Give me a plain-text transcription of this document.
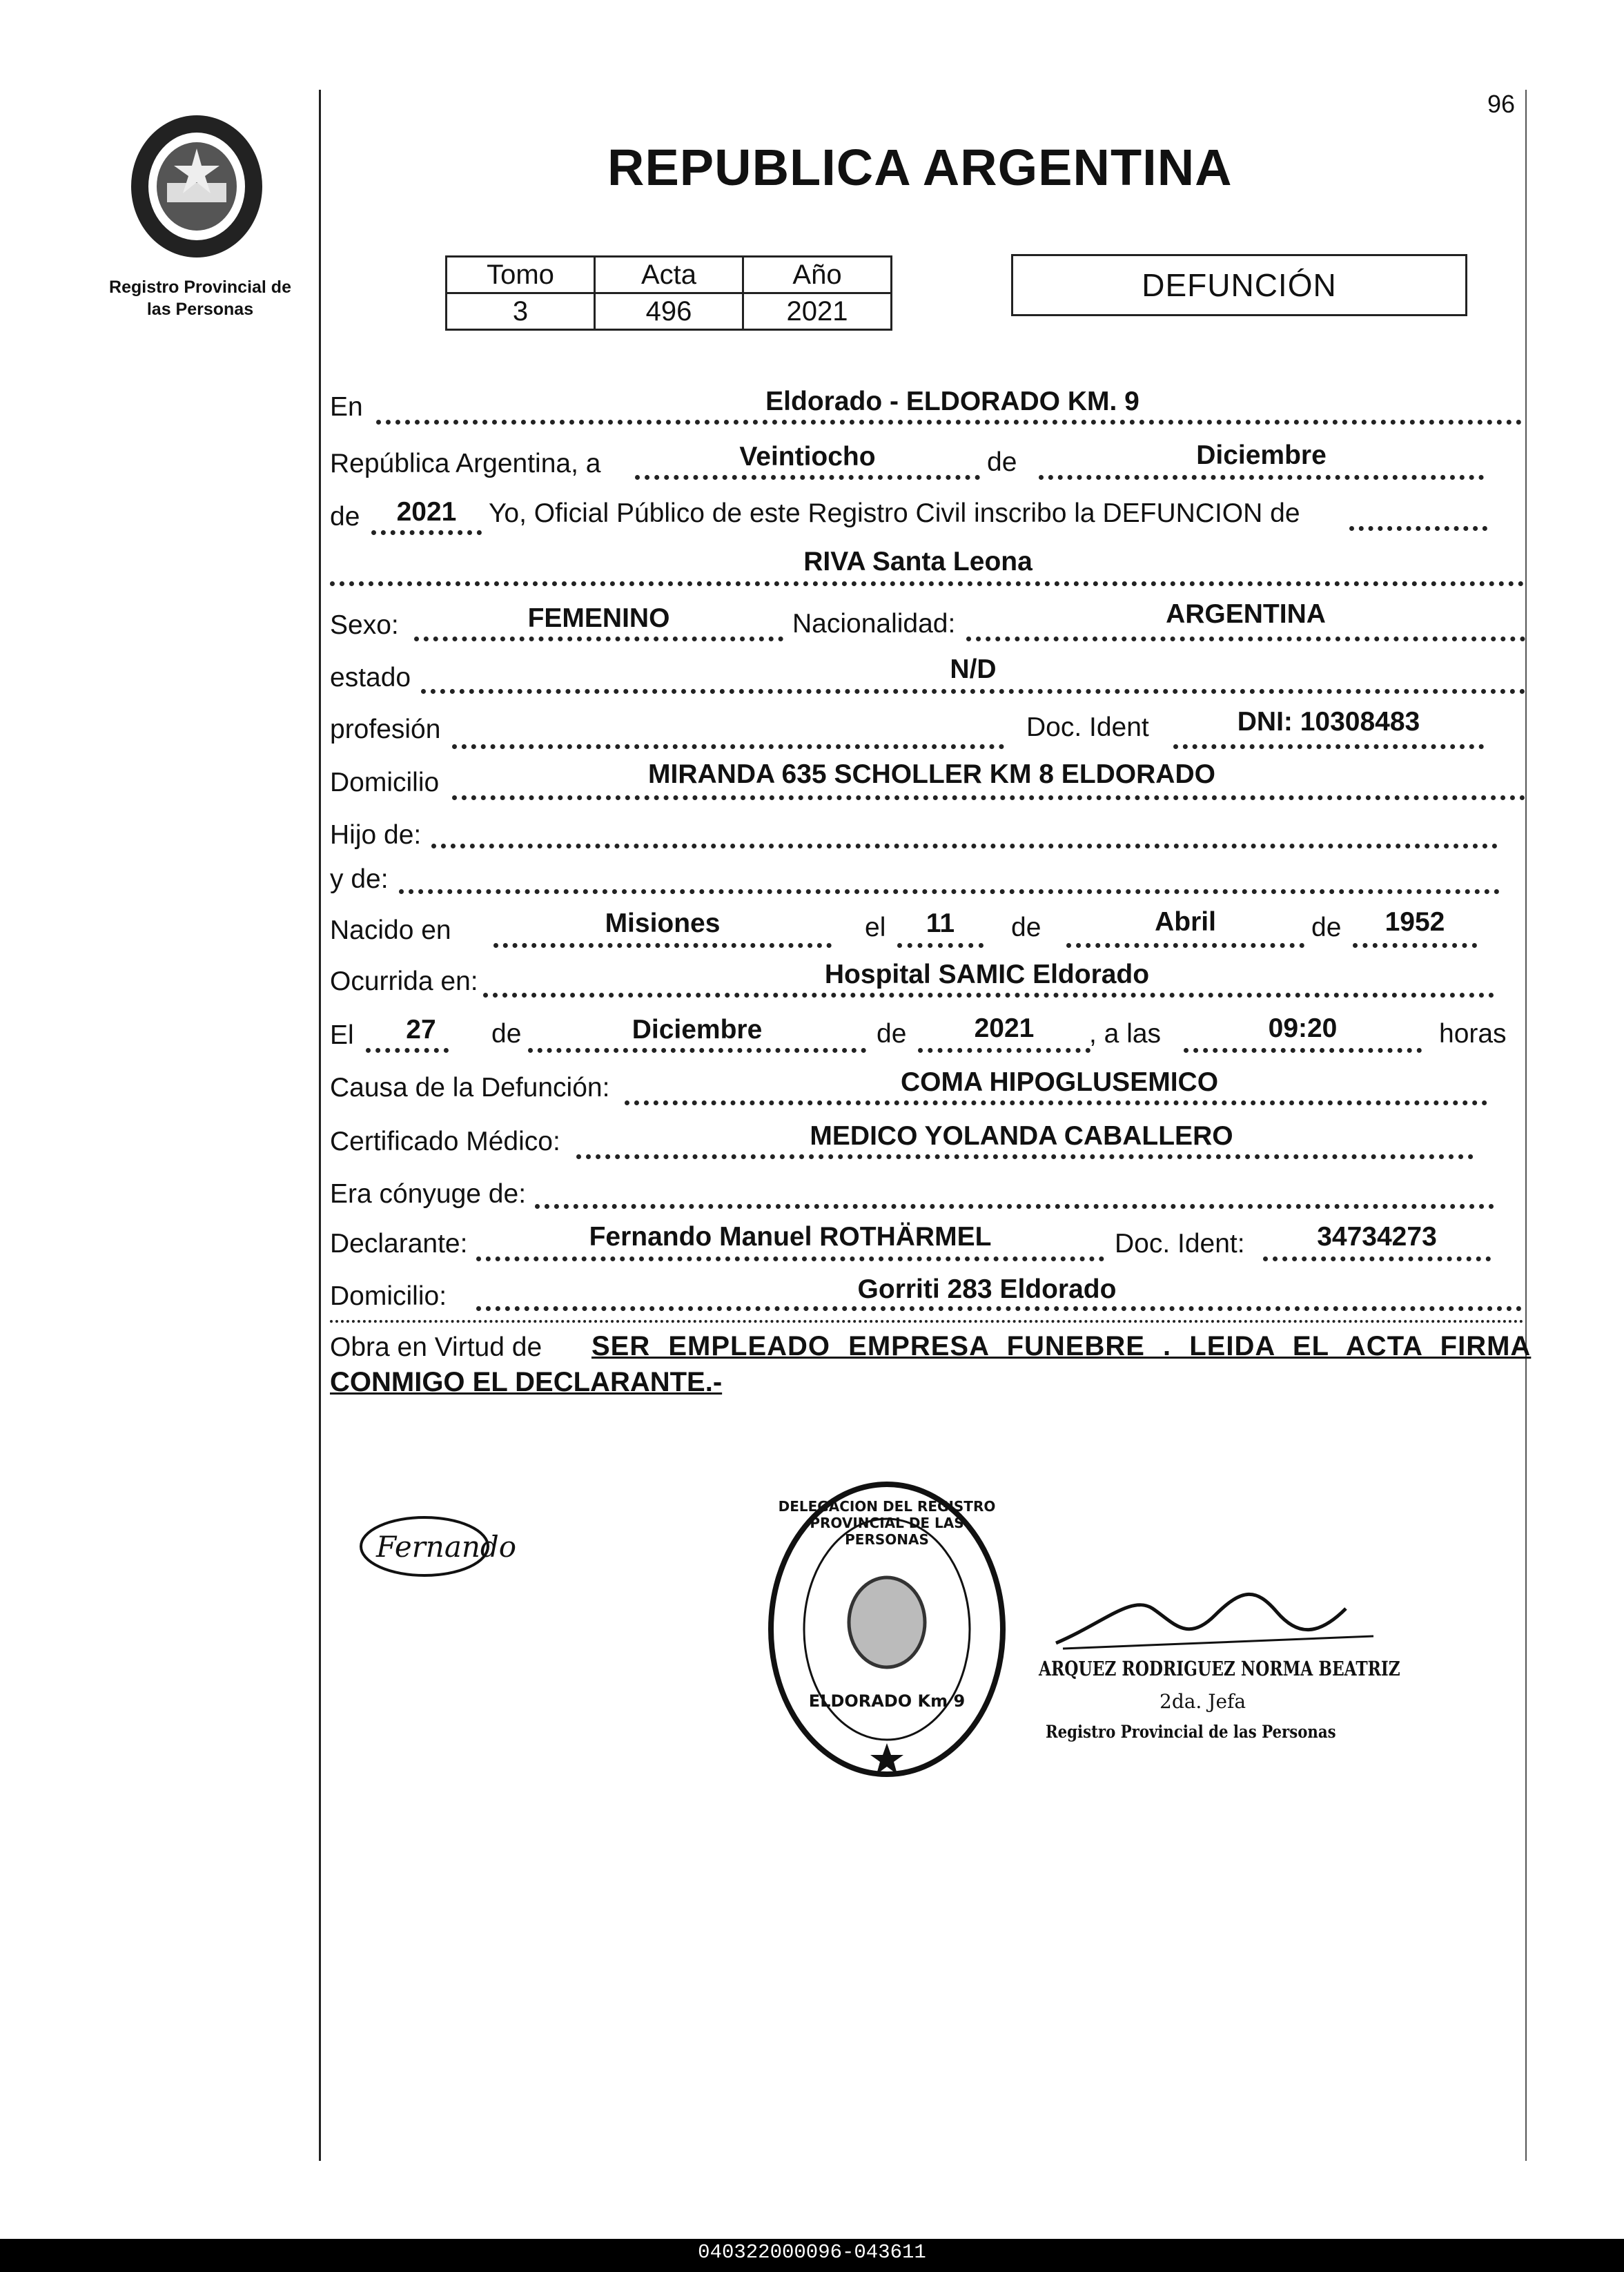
Registro Provincial de
las Personas
REPUBLICA ARGENTINA
96
Tomo	Acta	Año
3	496	2021
DEFUNCIÓN
En	Eldorado - ELDORADO KM. 9
República Argentina, a	Veintiocho	de	Diciembre
de	2021	Yo, Oficial Público de este Registro Civil inscribo la DEFUNCION de
RIVA Santa Leona
Sexo:	FEMENINO	Nacionalidad:	ARGENTINA
estado	N/D
profesión	Doc. Ident	DNI: 10308483
Domicilio	MIRANDA 635 SCHOLLER KM 8 ELDORADO
Hijo de:
y de:
Nacido en	Misiones	el	11	de	Abril	de	1952
Ocurrida en:	Hospital SAMIC Eldorado
El	27	de	Diciembre	de	2021	, a las	09:20	horas
Causa de la Defunción:	COMA HIPOGLUSEMICO
Certificado Médico:	MEDICO YOLANDA CABALLERO
Era cónyuge de:
Declarante:	Fernando Manuel ROTHÄRMEL	Doc. Ident:	34734273
Domicilio:	Gorriti 283 Eldorado
Obra en Virtud de SER EMPLEADO EMPRESA FUNEBRE . LEIDA EL ACTA FIRMA
CONMIGO EL DECLARANTE.-
Fernando
DELEGACION DEL REGISTRO PROVINCIAL DE LAS PERSONAS
ELDORADO Km 9
ARQUEZ RODRIGUEZ NORMA BEATRIZ
2da. Jefa
Registro Provincial de las Personas
040322000096-043611
